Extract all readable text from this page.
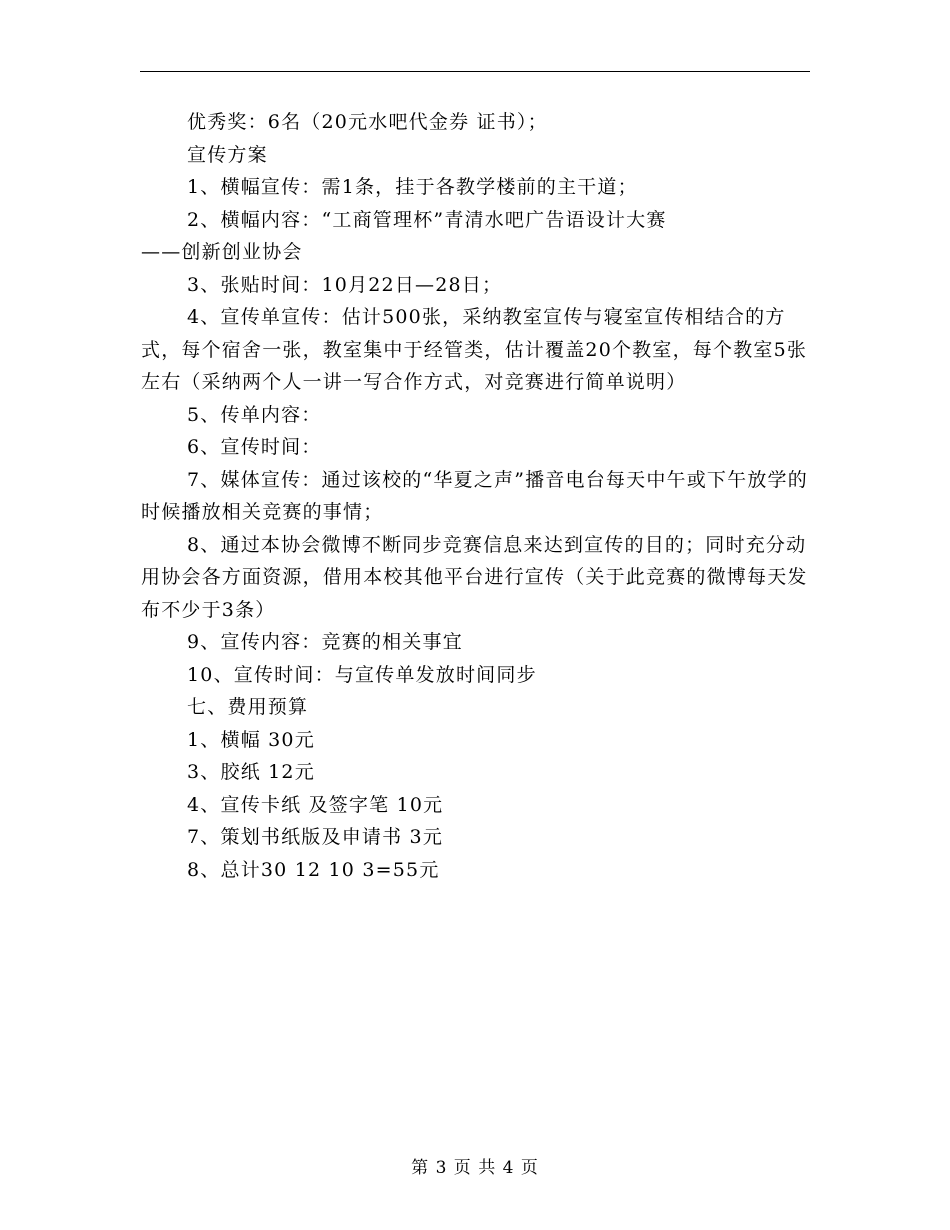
优秀奖：6名（20元水吧代金券 证书）；

宣传方案

1、横幅宣传：需1条，挂于各教学楼前的主干道；

2、横幅内容：“工商管理杯”青清水吧广告语设计大赛

——创新创业协会

3、张贴时间：10月22日—28日；

4、宣传单宣传：估计500张，采纳教室宣传与寝室宣传相结合的方式，每个宿舍一张，教室集中于经管类，估计覆盖20个教室，每个教室5张左右（采纳两个人一讲一写合作方式，对竞赛进行简单说明）

5、传单内容：

6、宣传时间：

7、媒体宣传：通过该校的“华夏之声”播音电台每天中午或下午放学的时候播放相关竞赛的事情；

8、通过本协会微博不断同步竞赛信息来达到宣传的目的；同时充分动用协会各方面资源，借用本校其他平台进行宣传（关于此竞赛的微博每天发布不少于3条）

9、宣传内容：竞赛的相关事宜

10、宣传时间：与宣传单发放时间同步

七、费用预算

1、横幅 30元

3、胶纸 12元

4、宣传卡纸 及签字笔 10元

7、策划书纸版及申请书 3元

8、总计30 12 10 3=55元

第 3 页 共 4 页
